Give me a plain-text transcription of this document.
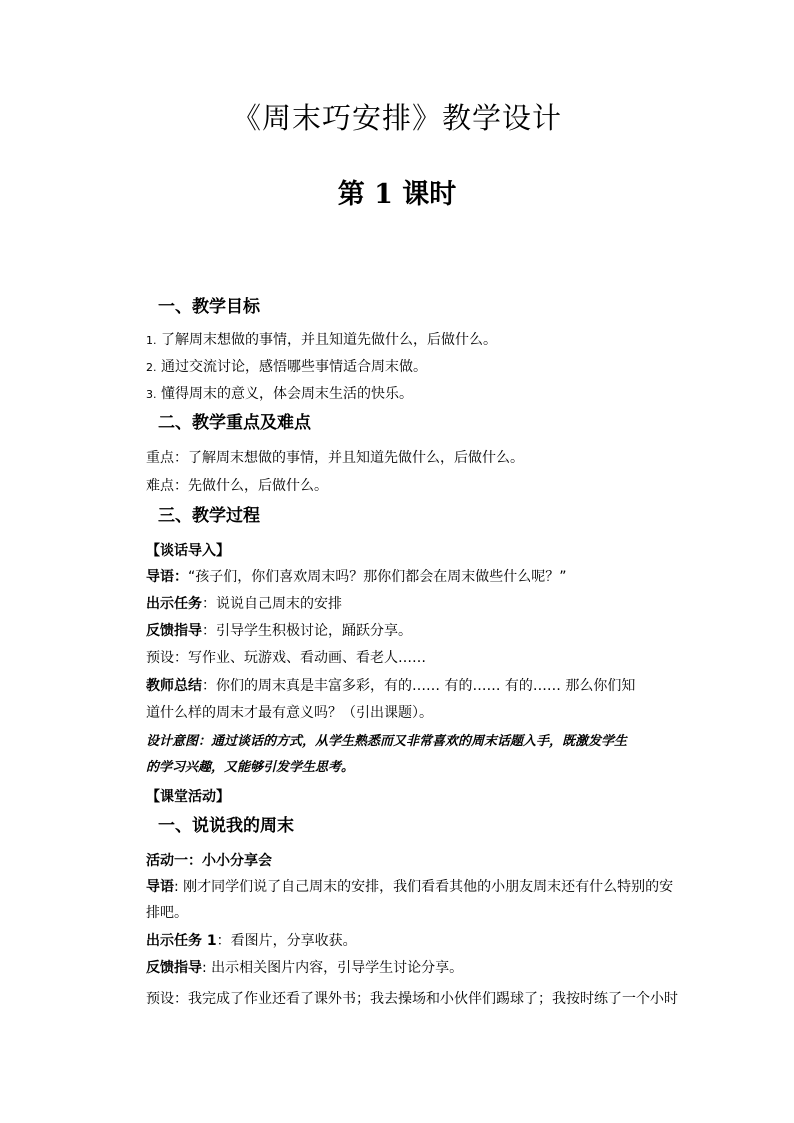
《周末巧安排》教学设计
第 1 课时
一、教学目标
1. 了解周末想做的事情，并且知道先做什么，后做什么。
2. 通过交流讨论，感悟哪些事情适合周末做。
3. 懂得周末的意义，体会周末生活的快乐。
二、教学重点及难点
重点：了解周末想做的事情，并且知道先做什么，后做什么。
难点：先做什么，后做什么。
三、教学过程
【谈话导入】
导语：“孩子们，你们喜欢周末吗？那你们都会在周末做些什么呢？”
出示任务：说说自己周末的安排
反馈指导：引导学生积极讨论，踊跃分享。
预设：写作业、玩游戏、看动画、看老人……
教师总结：你们的周末真是丰富多彩，有的…… 有的…… 有的…… 那么你们知
道什么样的周末才最有意义吗？（引出课题）。
设计意图：通过谈话的方式，从学生熟悉而又非常喜欢的周末话题入手，既激发学生
的学习兴趣，又能够引发学生思考。
【课堂活动】
一、说说我的周末
活动一：小小分享会
导语: 刚才同学们说了自己周末的安排，我们看看其他的小朋友周末还有什么特别的安
排吧。
出示任务 1：看图片，分享收获。
反馈指导: 出示相关图片内容，引导学生讨论分享。
预设：我完成了作业还看了课外书；我去操场和小伙伴们踢球了；我按时练了一个小时
